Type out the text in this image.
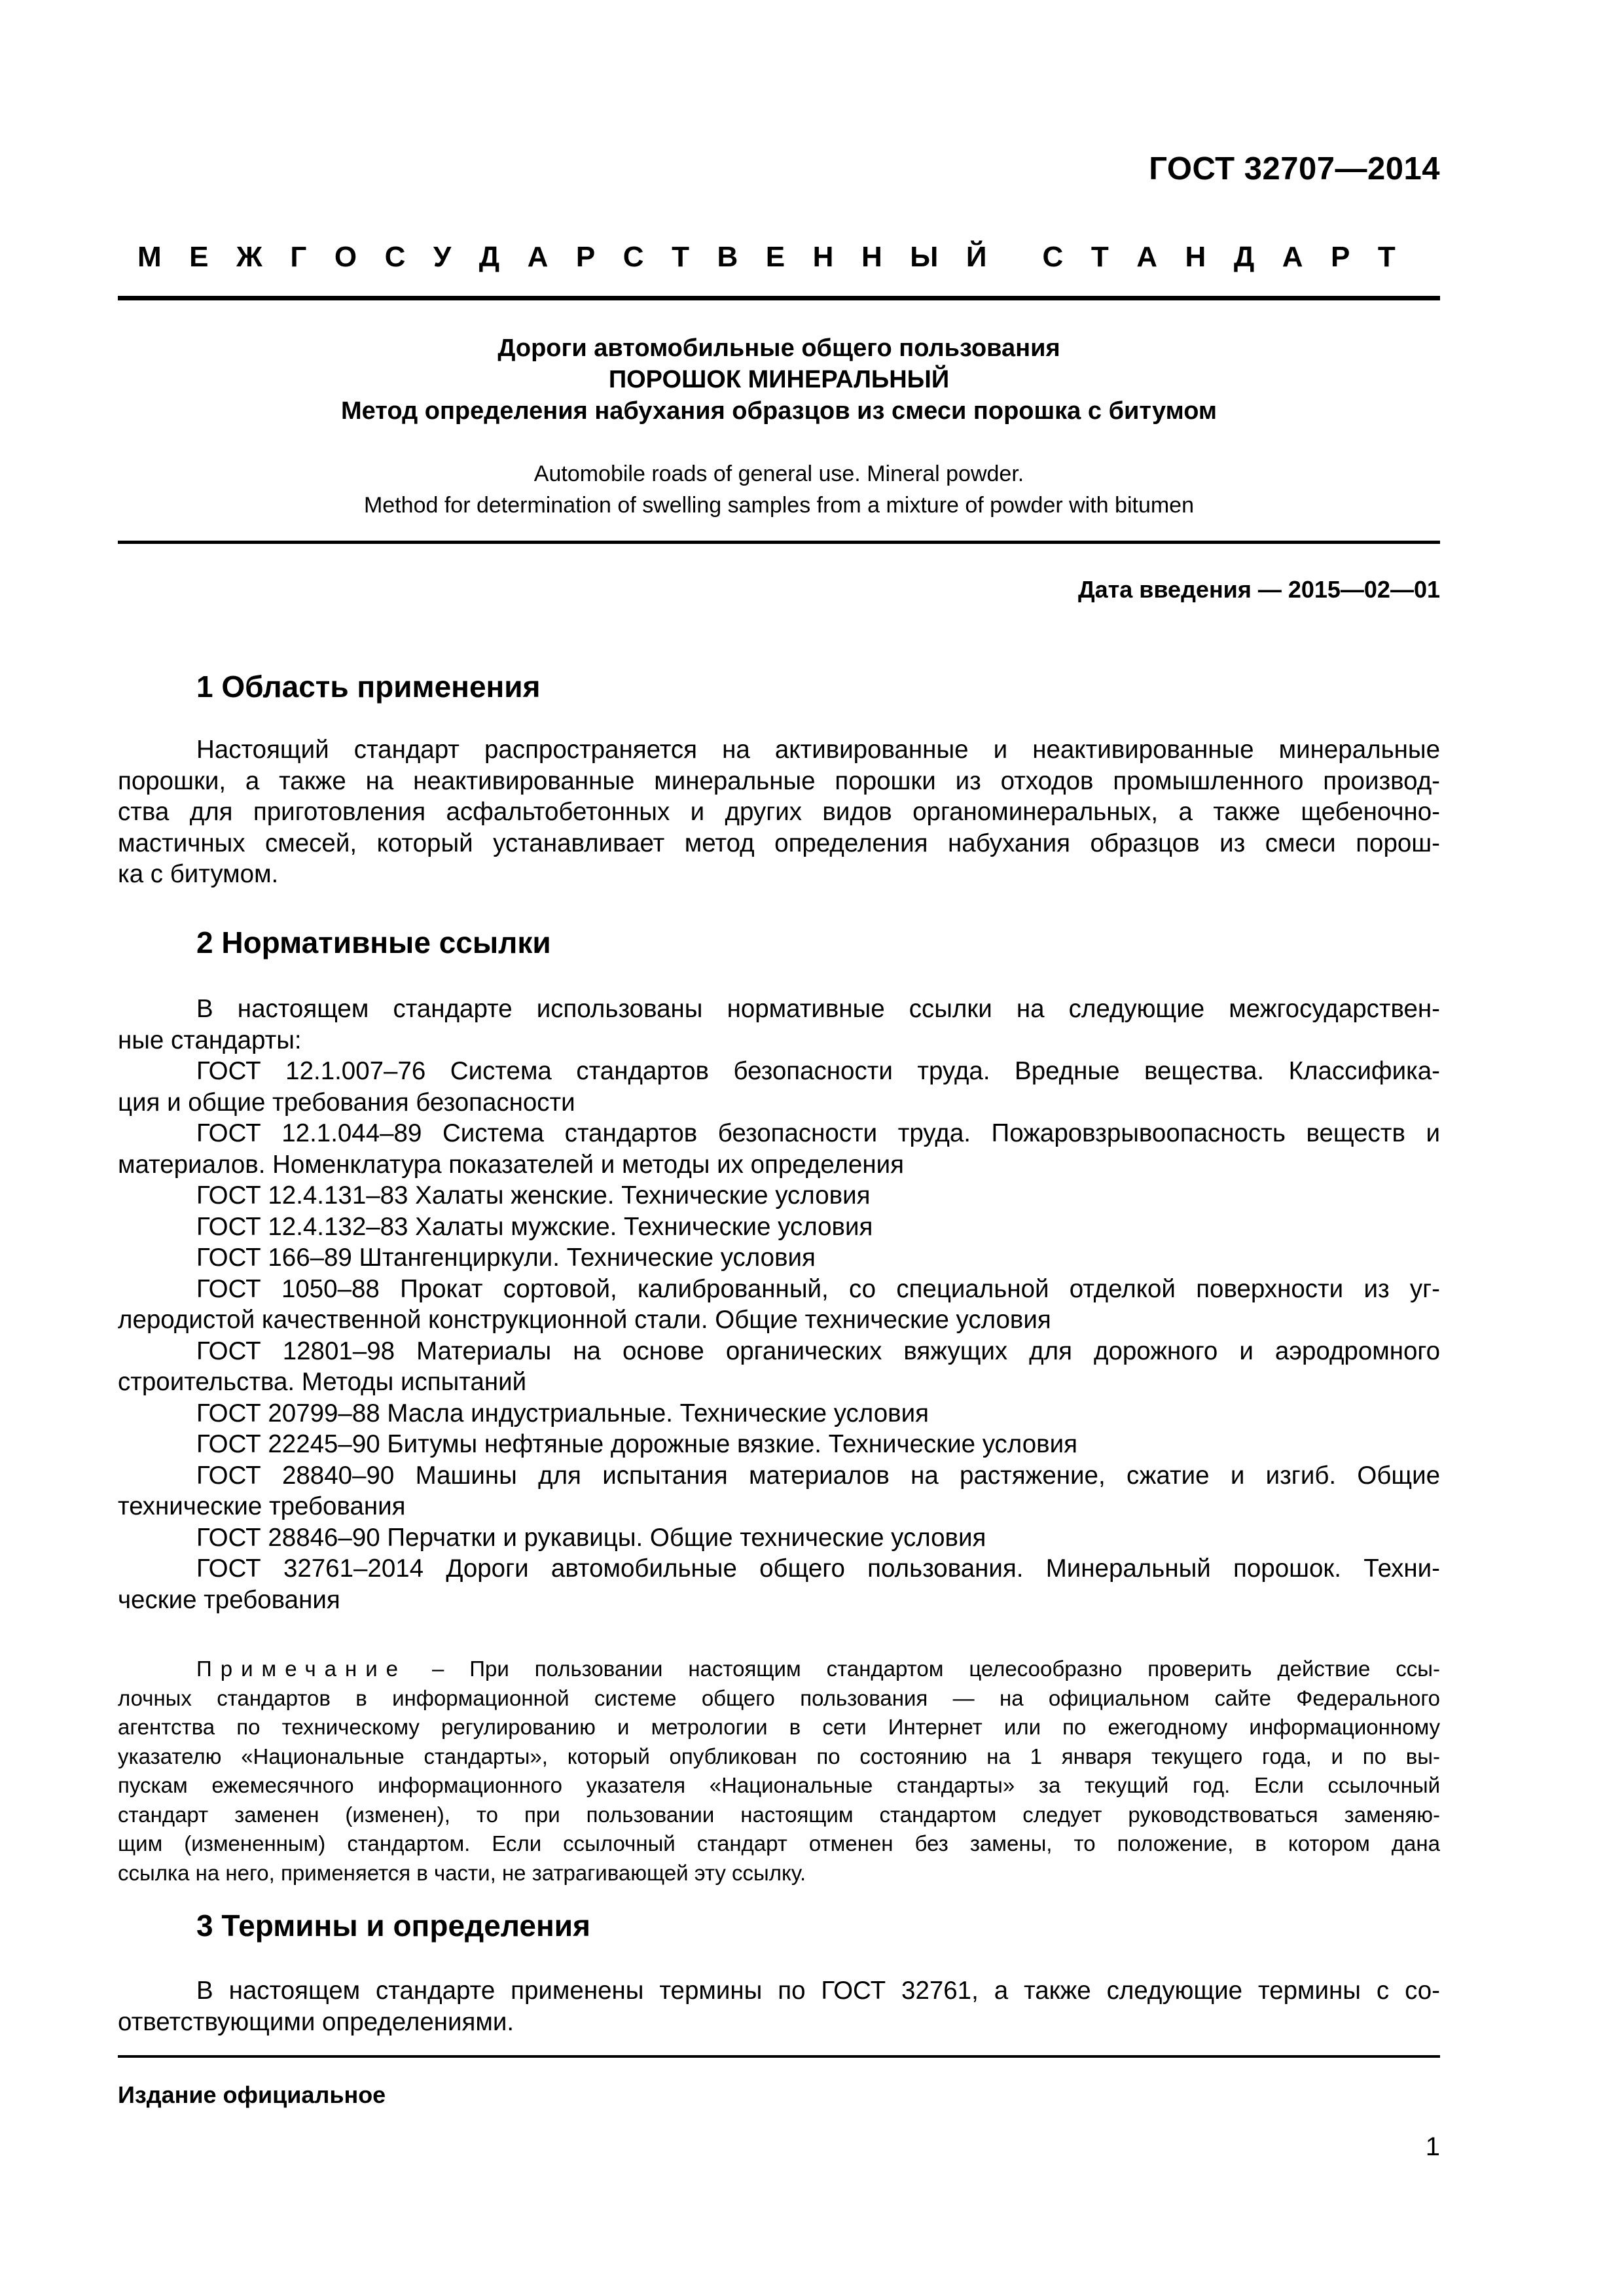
ГОСТ 32707—2014
М Е Ж Г О С У Д А Р С Т В Е Н Н Ы Й С Т А Н Д А Р Т
Дороги автомобильные общего пользования
ПОРОШОК МИНЕРАЛЬНЫЙ
Метод определения набухания образцов из смеси порошка с битумом
Automobile roads of general use. Mineral powder.
Method for determination of swelling samples from a mixture of powder with bitumen
Дата введения — 2015—02—01
1 Область применения
Настоящий стандарт распространяется на активированные и неактивированные минеральные
порошки, а также на неактивированные минеральные порошки из отходов промышленного производ-
ства для приготовления асфальтобетонных и других видов органоминеральных, а также щебеночно-
мастичных смесей, который устанавливает метод определения набухания образцов из смеси порош-
ка с битумом.
2 Нормативные ссылки
В настоящем стандарте использованы нормативные ссылки на следующие межгосударствен-
ные стандарты:
ГОСТ 12.1.007–76 Система стандартов безопасности труда. Вредные вещества. Классифика-
ция и общие требования безопасности
ГОСТ 12.1.044–89 Система стандартов безопасности труда. Пожаровзрывоопасность веществ и
материалов. Номенклатура показателей и методы их определения
ГОСТ 12.4.131–83 Халаты женские. Технические условия
ГОСТ 12.4.132–83 Халаты мужские. Технические условия
ГОСТ 166–89 Штангенциркули. Технические условия
ГОСТ 1050–88 Прокат сортовой, калиброванный, со специальной отделкой поверхности из уг-
леродистой качественной конструкционной стали. Общие технические условия
ГОСТ 12801–98 Материалы на основе органических вяжущих для дорожного и аэродромного
строительства. Методы испытаний
ГОСТ 20799–88 Масла индустриальные. Технические условия
ГОСТ 22245–90 Битумы нефтяные дорожные вязкие. Технические условия
ГОСТ 28840–90 Машины для испытания материалов на растяжение, сжатие и изгиб. Общие
технические требования
ГОСТ 28846–90 Перчатки и рукавицы. Общие технические условия
ГОСТ 32761–2014 Дороги автомобильные общего пользования. Минеральный порошок. Техни-
ческие требования
Примечание – При пользовании настоящим стандартом целесообразно проверить действие ссы-
лочных стандартов в информационной системе общего пользования — на официальном сайте Федерального
агентства по техническому регулированию и метрологии в сети Интернет или по ежегодному информационному
указателю «Национальные стандарты», который опубликован по состоянию на 1 января текущего года, и по вы-
пускам ежемесячного информационного указателя «Национальные стандарты» за текущий год. Если ссылочный
стандарт заменен (изменен), то при пользовании настоящим стандартом следует руководствоваться заменяю-
щим (измененным) стандартом. Если ссылочный стандарт отменен без замены, то положение, в котором дана
ссылка на него, применяется в части, не затрагивающей эту ссылку.
3 Термины и определения
В настоящем стандарте применены термины по ГОСТ 32761, а также следующие термины с со-
ответствующими определениями.
Издание официальное
1
